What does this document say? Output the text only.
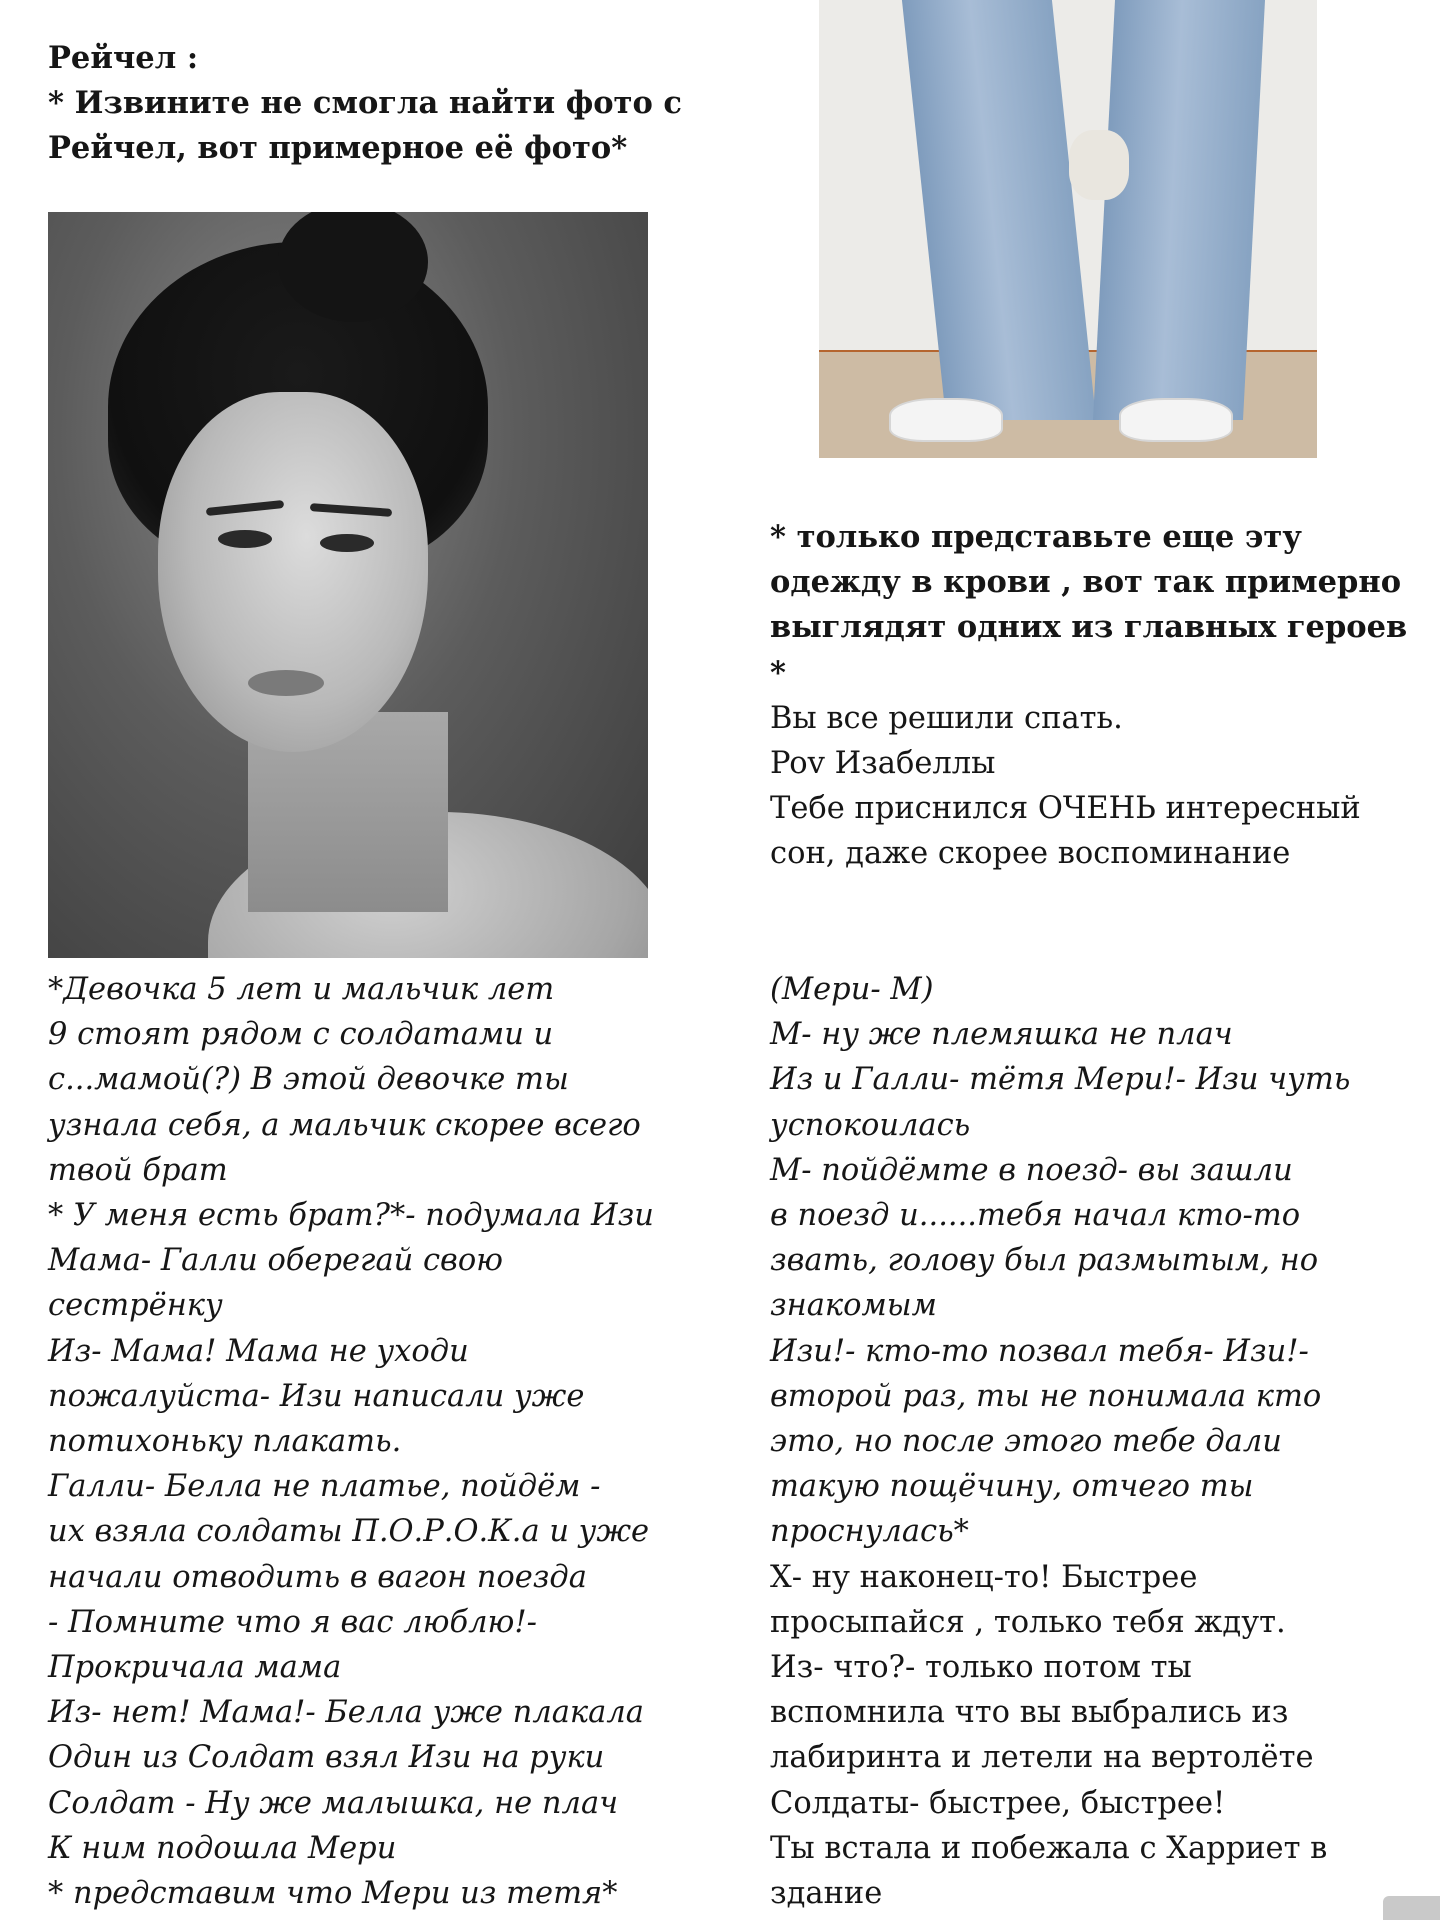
Рейчел :
* Извините не смогла найти фото с
Рейчел, вот примерное её фото*
*Девочка 5 лет и мальчик лет
9 стоят рядом с солдатами и
с...мамой(?) В этой девочке ты
узнала себя, а мальчик скорее всего
твой брат
* У меня есть брат?*- подумала Изи
Мама- Галли оберегай свою
сестрёнку
Из- Мама! Мама не уходи
пожалуйста- Изи написали уже
потихоньку плакать.
Галли- Белла не платье, пойдём -
их взяла солдаты П.О.Р.О.К.а и уже
начали отводить в вагон поезда
- Помните что я вас люблю!-
Прокричала мама
Из- нет! Мама!- Белла уже плакала
Один из Солдат взял Изи на руки
Солдат - Ну же малышка, не плач
К ним подошла Мери
* представим что Мери из тетя*
* только представьте еще эту
одежду в крови , вот так примерно
выглядят одних из главных героев
*
Вы все решили спать.
Pov Изабеллы
Тебе приснился ОЧЕНЬ интересный
сон, даже скорее воспоминание
(Мери- М)
М- ну же племяшка не плач
Из и Галли- тётя Мери!- Изи чуть
успокоилась
М- пойдёмте в поезд- вы зашли
в поезд и......тебя начал кто-то
звать, голову был размытым, но
знакомым
Изи!- кто-то позвал тебя- Изи!-
второй раз, ты не понимала кто
это, но после этого тебе дали
такую пощёчину, отчего ты
проснулась*
Х- ну наконец-то! Быстрее
просыпайся , только тебя ждут.
Из- что?- только потом ты
вспомнила что вы выбрались из
лабиринта и летели на вертолёте
Солдаты- быстрее, быстрее!
Ты встала и побежала с Харриет в
здание
